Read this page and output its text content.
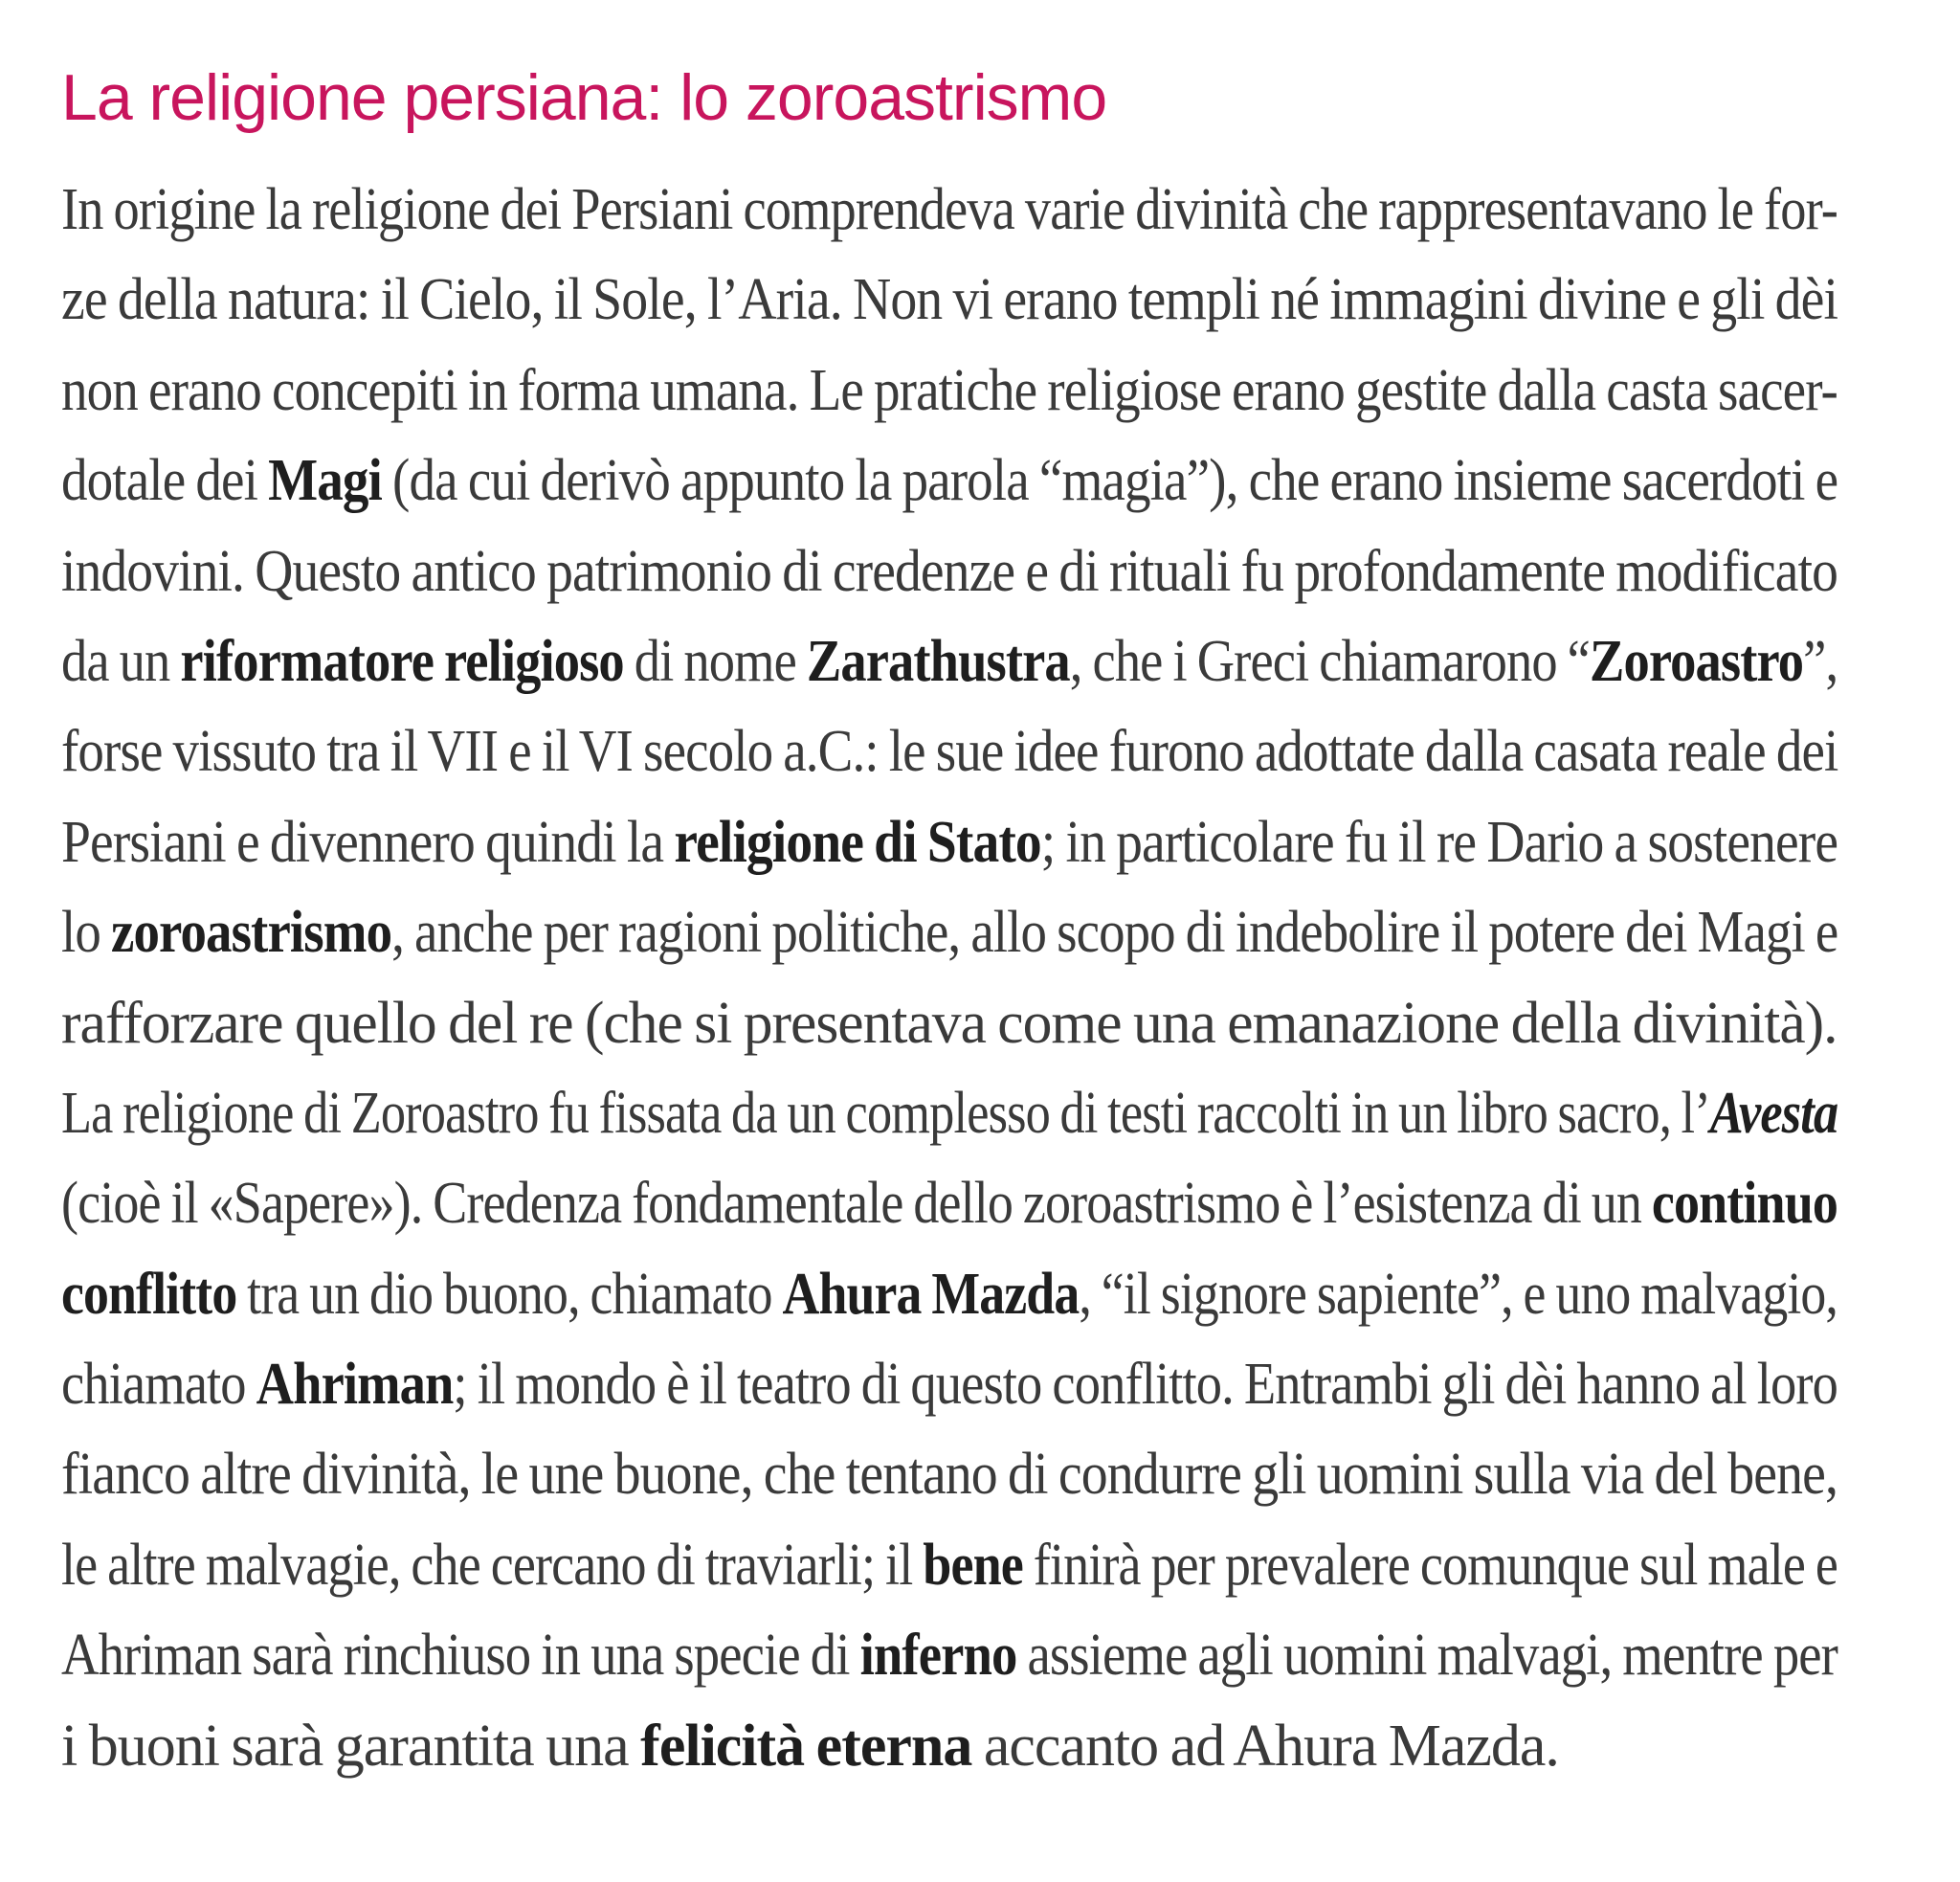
La religione persiana: lo zoroastrismo
In origine la religione dei Persiani comprendeva varie divinità che rappresentavano le for-
ze della natura: il Cielo, il Sole, l’Aria. Non vi erano templi né immagini divine e gli dèi
non erano concepiti in forma umana. Le pratiche religiose erano gestite dalla casta sacer-
dotale dei Magi (da cui derivò appunto la parola “magia”), che erano insieme sacerdoti e
indovini. Questo antico patrimonio di credenze e di rituali fu profondamente modificato
da un riformatore religioso di nome Zarathustra, che i Greci chiamarono “Zoroastro”,
forse vissuto tra il VII e il VI secolo a.C.: le sue idee furono adottate dalla casata reale dei
Persiani e divennero quindi la religione di Stato; in particolare fu il re Dario a sostenere
lo zoroastrismo, anche per ragioni politiche, allo scopo di indebolire il potere dei Magi e
rafforzare quello del re (che si presentava come una emanazione della divinità).
La religione di Zoroastro fu fissata da un complesso di testi raccolti in un libro sacro, l’Avesta
(cioè il «Sapere»). Credenza fondamentale dello zoroastrismo è l’esistenza di un continuo
conflitto tra un dio buono, chiamato Ahura Mazda, “il signore sapiente”, e uno malvagio,
chiamato Ahriman; il mondo è il teatro di questo conflitto. Entrambi gli dèi hanno al loro
fianco altre divinità, le une buone, che tentano di condurre gli uomini sulla via del bene,
le altre malvagie, che cercano di traviarli; il bene finirà per prevalere comunque sul male e
Ahriman sarà rinchiuso in una specie di inferno assieme agli uomini malvagi, mentre per
i buoni sarà garantita una felicità eterna accanto ad Ahura Mazda.
